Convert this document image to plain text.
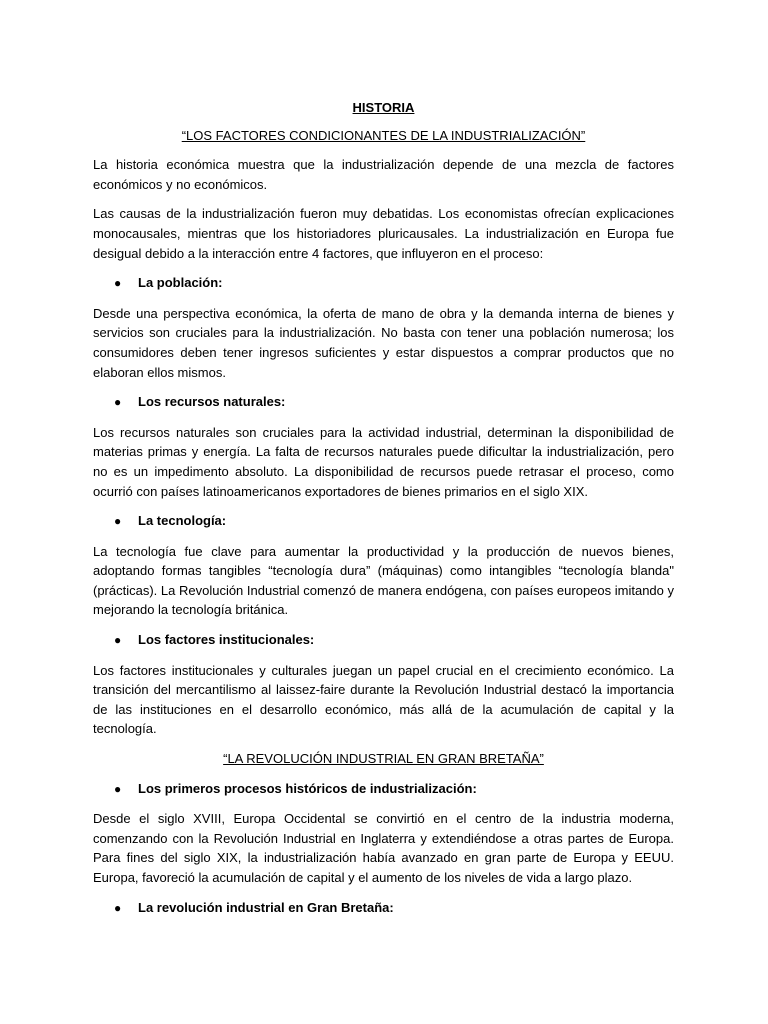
HISTORIA

“LOS FACTORES CONDICIONANTES DE LA INDUSTRIALIZACIÓN”

La historia económica muestra que la industrialización depende de una mezcla de factores económicos y no económicos.

Las causas de la industrialización fueron muy debatidas. Los economistas ofrecían explicaciones monocausales, mientras que los historiadores pluricausales. La industrialización en Europa fue desigual debido a la interacción entre 4 factores, que influyeron en el proceso:

●	La población:

Desde una perspectiva económica, la oferta de mano de obra y la demanda interna de bienes y servicios son cruciales para la industrialización. No basta con tener una población numerosa; los consumidores deben tener ingresos suficientes y estar dispuestos a comprar productos que no elaboran ellos mismos.

●	Los recursos naturales:

Los recursos naturales son cruciales para la actividad industrial, determinan la disponibilidad de materias primas y energía. La falta de recursos naturales puede dificultar la industrialización, pero no es un impedimento absoluto. La disponibilidad de recursos puede retrasar el proceso, como ocurrió con países latinoamericanos exportadores de bienes primarios en el siglo XIX.

●	La tecnología:

La tecnología fue clave para aumentar la productividad y la producción de nuevos bienes, adoptando formas tangibles “tecnología dura” (máquinas) como intangibles “tecnología blanda" (prácticas). La Revolución Industrial comenzó de manera endógena, con países europeos imitando y mejorando la tecnología británica.

●	Los factores institucionales:

Los factores institucionales y culturales juegan un papel crucial en el crecimiento económico. La transición del mercantilismo al laissez-faire durante la Revolución Industrial destacó la importancia de las instituciones en el desarrollo económico, más allá de la acumulación de capital y la tecnología.

“LA REVOLUCIÓN INDUSTRIAL EN GRAN BRETAÑA”

●	Los primeros procesos históricos de industrialización:

Desde el siglo XVIII, Europa Occidental se convirtió en el centro de la industria moderna, comenzando con la Revolución Industrial en Inglaterra y extendiéndose a otras partes de Europa. Para fines del siglo XIX, la industrialización había avanzado en gran parte de Europa y EEUU. Europa, favoreció la acumulación de capital y el aumento de los niveles de vida a largo plazo.

●	La revolución industrial en Gran Bretaña:
